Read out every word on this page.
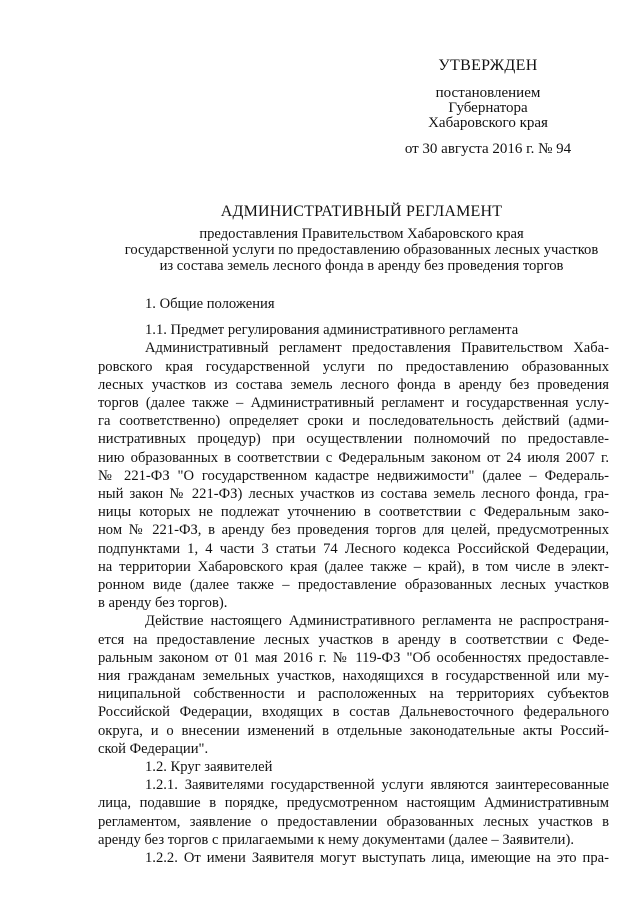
УТВЕРЖДЕН
постановлением
Губернатора
Хабаровского края
от 30 августа 2016 г. № 94
АДМИНИСТРАТИВНЫЙ РЕГЛАМЕНТ
предоставления Правительством Хабаровского края
государственной услуги по предоставлению образованных лесных участков
из состава земель лесного фонда в аренду без проведения торгов

1. Общие положения

1.1. Предмет регулирования административного регламента

Административный регламент предоставления Правительством Хаба-

ровского края государственной услуги по предоставлению образованных

лесных участков из состава земель лесного фонда в аренду без проведения

торгов (далее также – Административный регламент и государственная услу-

га соответственно) определяет сроки и последовательность действий (адми-

нистративных процедур) при осуществлении полномочий по предоставле-

нию образованных в соответствии с Федеральным законом от 24 июля 2007 г.

№ 221-ФЗ "О государственном кадастре недвижимости" (далее – Федераль-

ный закон № 221-ФЗ) лесных участков из состава земель лесного фонда, гра-

ницы которых не подлежат уточнению в соответствии с Федеральным зако-

ном № 221-ФЗ, в аренду без проведения торгов для целей, предусмотренных

подпунктами 1, 4 части 3 статьи 74 Лесного кодекса Российской Федерации,

на территории Хабаровского края (далее также – край), в том числе в элект-

ронном виде (далее также – предоставление образованных лесных участков

в аренду без торгов).

Действие настоящего Административного регламента не распространя-

ется на предоставление лесных участков в аренду в соответствии с Феде-

ральным законом от 01 мая 2016 г. № 119-ФЗ "Об особенностях предоставле-

ния гражданам земельных участков, находящихся в государственной или му-

ниципальной собственности и расположенных на территориях субъектов

Российской Федерации, входящих в состав Дальневосточного федерального

округа, и о внесении изменений в отдельные законодательные акты Россий-

ской Федерации".

1.2. Круг заявителей

1.2.1. Заявителями государственной услуги являются заинтересованные

лица, подавшие в порядке, предусмотренном настоящим Административным

регламентом, заявление о предоставлении образованных лесных участков в

аренду без торгов с прилагаемыми к нему документами (далее – Заявители).

1.2.2. От имени Заявителя могут выступать лица, имеющие на это пра-
